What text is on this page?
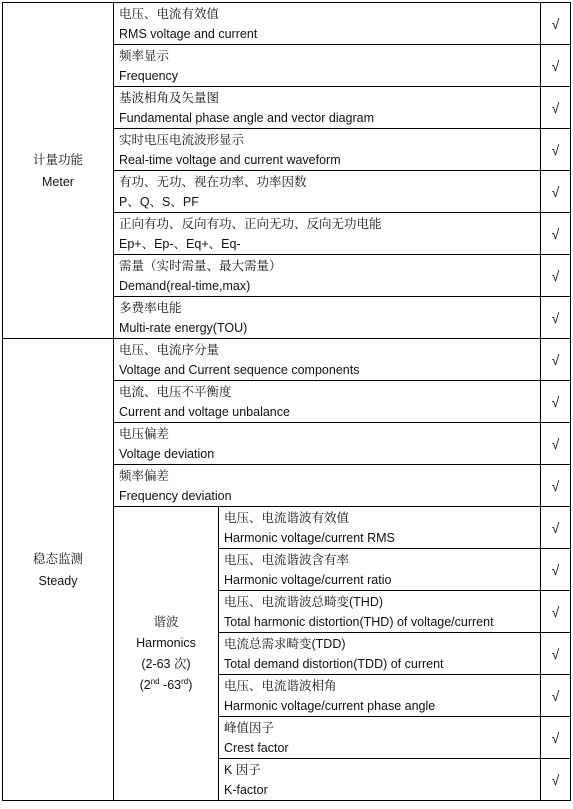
计量功能
Meter	电压、电流有效值
RMS voltage and current		√

	频率显示
Frequency		√

	基波相角及矢量图
Fundamental phase angle and vector diagram		√

	实时电压电流波形显示
Real-time voltage and current waveform		√

	有功、无功、视在功率、功率因数
P、Q、S、PF		√

	正向有功、反向有功、正向无功、反向无功电能
Ep+、Ep-、Eq+、Eq-		√

	需量（实时需量、最大需量）
Demand(real-time,max)		√

	多费率电能
Multi-rate energy(TOU)		√
稳态监测
Steady	电压、电流序分量
Voltage and Current sequence components		√

	电流、电压不平衡度
Current and voltage unbalance		√

	电压偏差
Voltage deviation		√

	频率偏差
Frequency deviation		√
	谐波
Harmonics
(2-63 次)
(2nd -63rd)	电压、电流谐波有效值
Harmonic voltage/current RMS	√

		电压、电流谐波含有率
Harmonic voltage/current ratio	√

		电压、电流谐波总畸变(THD)
Total harmonic distortion(THD) of voltage/current	√

		电流总需求畸变(TDD)
Total demand distortion(TDD) of current	√

		电压、电流谐波相角
Harmonic voltage/current phase angle	√

		峰值因子
Crest factor	√

		K 因子
K-factor	√
